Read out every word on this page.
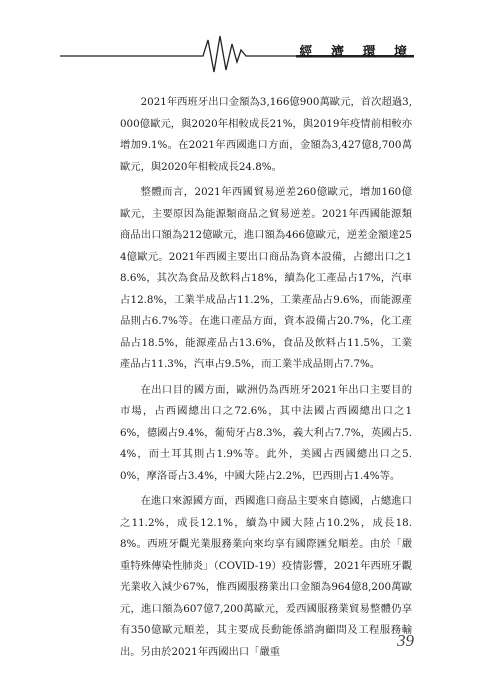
經 濟 環 境

2021年西班牙出口金額為3,166億900萬歐元，首次超過3,000億歐元，與2020年相較成長21%，與2019年疫情前相較亦增加9.1%。在2021年西國進口方面，金額為3,427億8,700萬歐元，與2020年相較成長24.8%。

整體而言，2021年西國貿易逆差260億歐元，增加160億歐元，主要原因為能源類商品之貿易逆差。2021年西國能源類商品出口額為212億歐元，進口額為466億歐元，逆差金額達254億歐元。2021年西國主要出口商品為資本設備，占總出口之18.6%，其次為食品及飲料占18%，續為化工產品占17%，汽車占12.8%，工業半成品占11.2%，工業產品占9.6%，而能源產品則占6.7%等。在進口產品方面，資本設備占20.7%，化工產品占18.5%，能源產品占13.6%，食品及飲料占11.5%，工業產品占11.3%，汽車占9.5%，而工業半成品則占7.7%。

在出口目的國方面，歐洲仍為西班牙2021年出口主要目的市場，占西國總出口之72.6%，其中法國占西國總出口之16%，德國占9.4%，葡萄牙占8.3%，義大利占7.7%，英國占5.4%，而土耳其則占1.9%等。此外，美國占西國總出口之5.0%，摩洛哥占3.4%，中國大陸占2.2%，巴西則占1.4%等。

在進口來源國方面，西國進口商品主要來自德國，占總進口之11.2%，成長12.1%，續為中國大陸占10.2%，成長18.8%。西班牙觀光業服務業向來均享有國際匯兌順差。由於「嚴重特殊傳染性肺炎」（COVID-19）疫情影響，2021年西班牙觀光業收入減少67%，惟西國服務業出口金額為964億8,200萬歐元，進口額為607億7,200萬歐元，爰西國服務業貿易整體仍享有350億歐元順差，其主要成長動能係諮詢顧問及工程服務輸出。另由於2021年西國出口「嚴重

39
